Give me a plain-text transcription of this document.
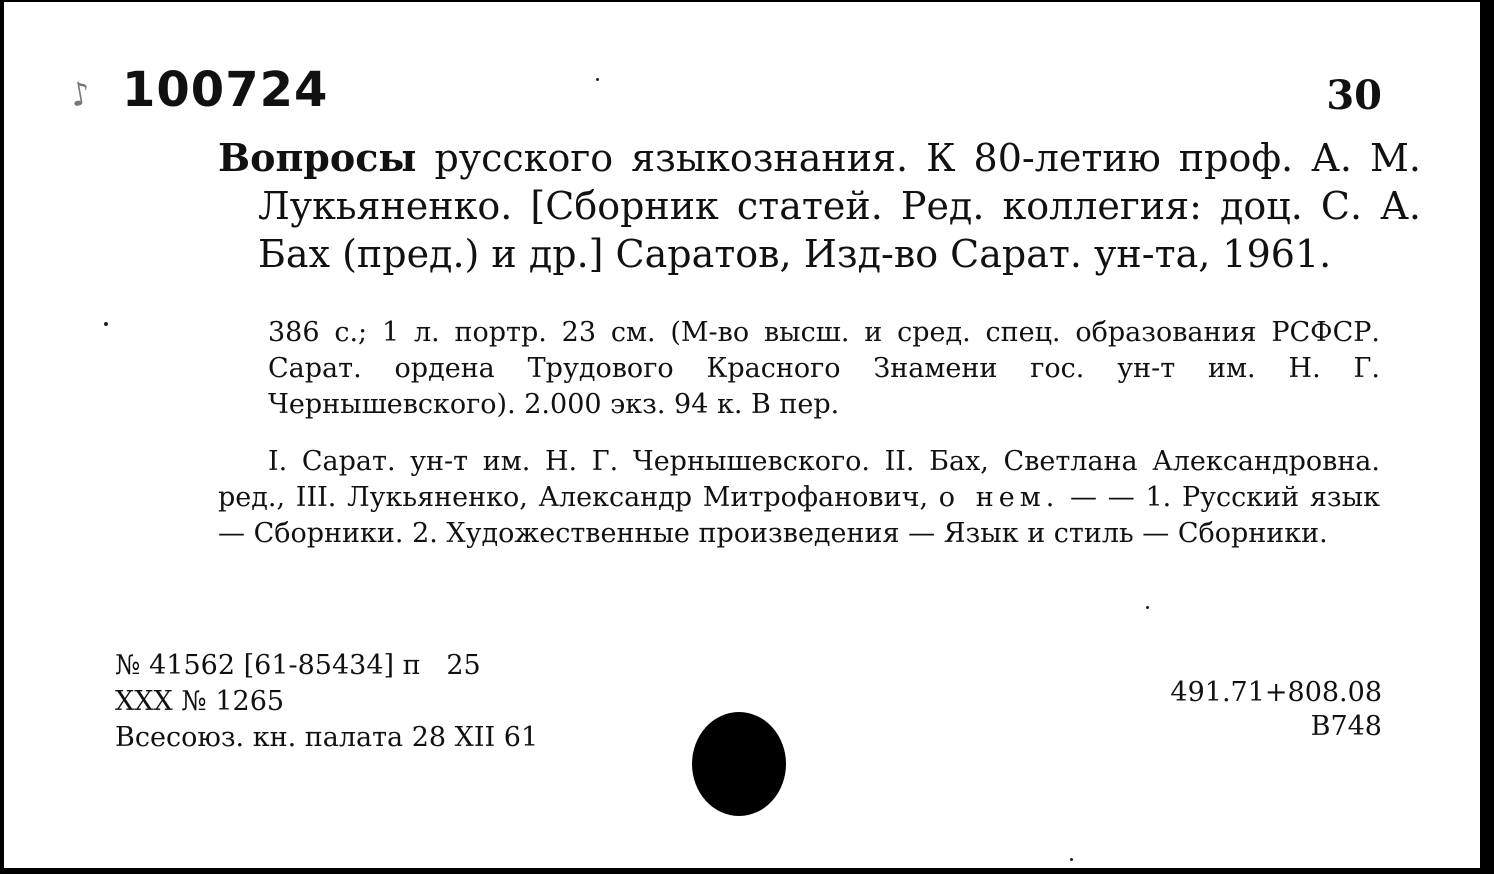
♪ 100724	30
Вопросы русского языкознания. К 80-летию проф. А. М. Лукьяненко. [Сборник статей. Ред. коллегия: доц. С. А. Бах (пред.) и др.] Саратов, Изд-во Сарат. ун-та, 1961.
386 с.; 1 л. портр. 23 см. (М-во высш. и сред. спец. образования РСФСР. Сарат. ордена Трудового Красного Знамени гос. ун-т им. Н. Г. Чернышевского). 2.000 экз. 94 к. В пер.
I. Сарат. ун-т им. Н. Г. Чернышевского. II. Бах, Светлана Александровна. ред., III. Лукьяненко, Александр Митрофанович, о нем. — — 1. Русский язык — Сборники. 2. Художественные произведения — Язык и стиль — Сборники.
№ 41562 [61-85434] п   25
XXX № 1265
Всесоюз. кн. палата 28 XII 61
491.71+808.08
В748
